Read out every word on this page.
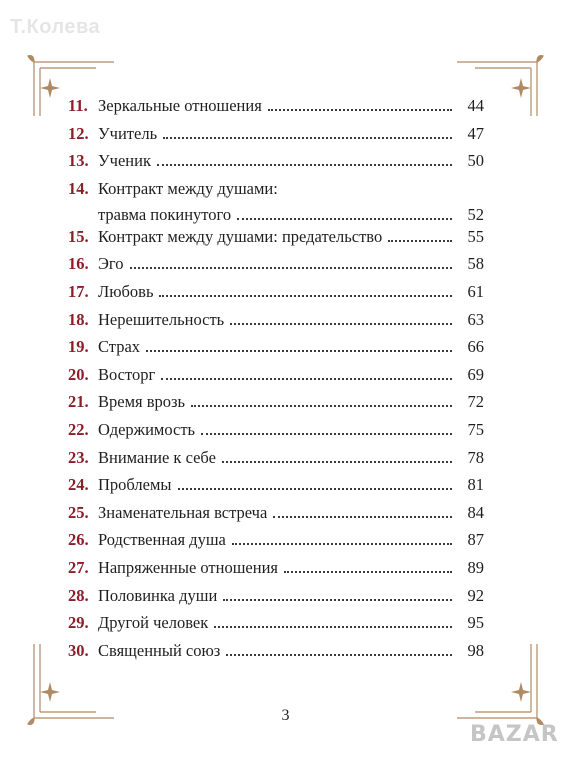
Т.Колева
11. Зеркальные отношения	44
12. Учитель	47
13. Ученик	50
14. Контракт между душами:
травма покинутого	52
15. Контракт между душами: предательство	55
16. Эго	58
17. Любовь	61
18. Нерешительность	63
19. Страх	66
20. Восторг	69
21. Время врозь	72
22. Одержимость	75
23. Внимание к себе	78
24. Проблемы	81
25. Знаменательная встреча	84
26. Родственная душа	87
27. Напряженные отношения	89
28. Половинка души	92
29. Другой человек	95
30. Священный союз	98
3
BAZAR
